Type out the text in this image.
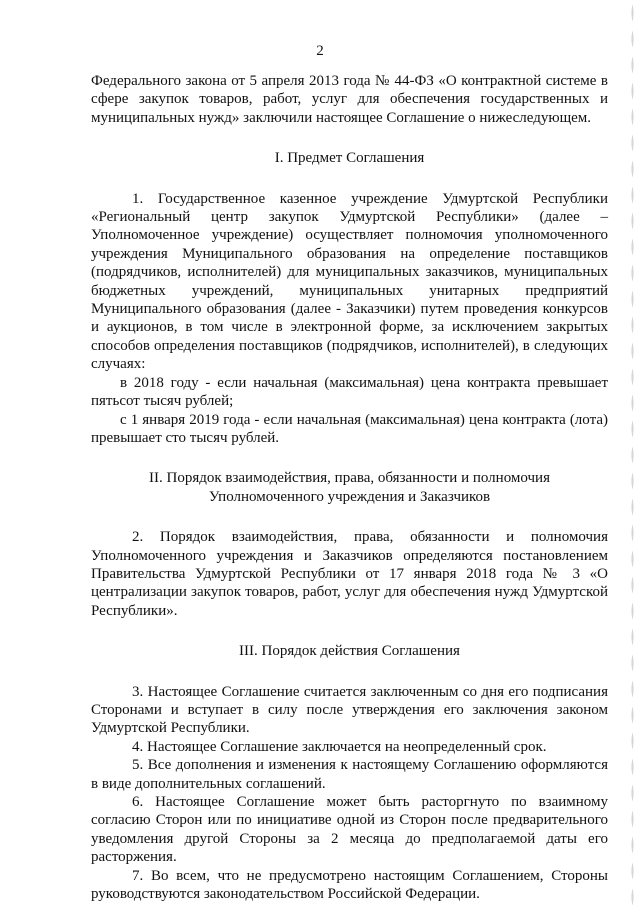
2

Федерального закона от 5 апреля 2013 года № 44-ФЗ «О контрактной системе в сфере закупок товаров, работ, услуг для обеспечения государственных и муниципальных нужд» заключили настоящее Соглашение о нижеследующем.

I. Предмет Соглашения

1. Государственное казенное учреждение Удмуртской Республики «Региональный центр закупок Удмуртской Республики» (далее – Уполномоченное учреждение) осуществляет полномочия уполномоченного учреждения Муниципального образования на определение поставщиков (подрядчиков, исполнителей) для муниципальных заказчиков, муниципальных бюджетных учреждений, муниципальных унитарных предприятий Муниципального образования (далее - Заказчики) путем проведения конкурсов и аукционов, в том числе в электронной форме, за исключением закрытых способов определения поставщиков (подрядчиков, исполнителей), в следующих случаях:

в 2018 году - если начальная (максимальная) цена контракта превышает пятьсот тысяч рублей;

с 1 января 2019 года - если начальная (максимальная) цена контракта (лота) превышает сто тысяч рублей.

II. Порядок взаимодействия, права, обязанности и полномочия

Уполномоченного учреждения и Заказчиков

2. Порядок взаимодействия, права, обязанности и полномочия Уполномоченного учреждения и Заказчиков определяются постановлением Правительства Удмуртской Республики от 17 января 2018 года № 3 «О централизации закупок товаров, работ, услуг для обеспечения нужд Удмуртской Республики».

III. Порядок действия Соглашения

3. Настоящее Соглашение считается заключенным со дня его подписания Сторонами и вступает в силу после утверждения его заключения законом Удмуртской Республики.

4. Настоящее Соглашение заключается на неопределенный срок.

5. Все дополнения и изменения к настоящему Соглашению оформляются в виде дополнительных соглашений.

6. Настоящее Соглашение может быть расторгнуто по взаимному согласию Сторон или по инициативе одной из Сторон после предварительного уведомления другой Стороны за 2 месяца до предполагаемой даты его расторжения.

7. Во всем, что не предусмотрено настоящим Соглашением, Стороны руководствуются законодательством Российской Федерации.
